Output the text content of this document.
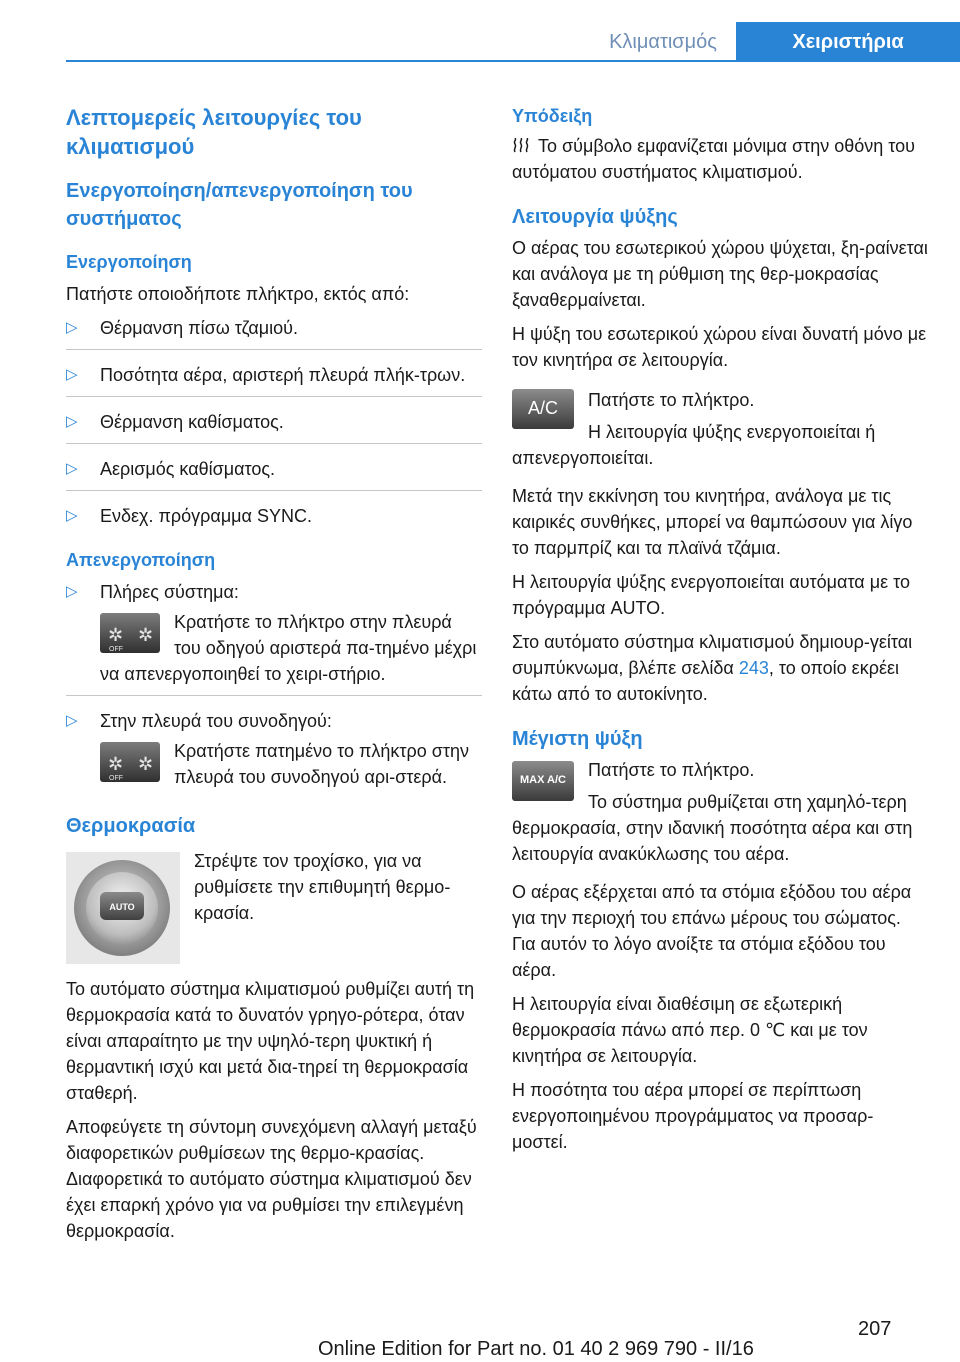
Κλιματισμός	Χειριστήρια
Λεπτομερείς λειτουργίες του κλιματισμού
Ενεργοποίηση/απενεργοποίηση του συστήματος
Ενεργοποίηση

Πατήστε οποιοδήποτε πλήκτρο, εκτός από:

▷ Θέρμανση πίσω τζαμιού.
▷ Ποσότητα αέρα, αριστερή πλευρά πλήκ-τρων.
▷ Θέρμανση καθίσματος.
▷ Αερισμός καθίσματος.
▷ Ενδεχ. πρόγραμμα SYNC.
Απενεργοποίηση
▷ Πλήρες σύστημα:
✲
OFF
✲
Κρατήστε το πλήκτρο στην πλευρά του οδηγού αριστερά πα-τημένο μέχρι να απενεργοποιηθεί το χειρι-στήριο.
▷ Στην πλευρά του συνοδηγού:
✲
OFF
✲
Κρατήστε πατημένο το πλήκτρο στην πλευρά του συνοδηγού αρι-στερά.
Θερμοκρασία
AUTO

Στρέψτε τον τροχίσκο, για να ρυθμίσετε την επιθυμητή θερμο-κρασία.

Το αυτόματο σύστημα κλιματισμού ρυθμίζει αυτή τη θερμοκρασία κατά το δυνατόν γρηγο-ρότερα, όταν είναι απαραίτητο με την υψηλό-τερη ψυκτική ή θερμαντική ισχύ και μετά δια-τηρεί τη θερμοκρασία σταθερή.

Αποφεύγετε τη σύντομη συνεχόμενη αλλαγή μεταξύ διαφορετικών ρυθμίσεων της θερμο-κρασίας. Διαφορετικά το αυτόματο σύστημα κλιματισμού δεν έχει επαρκή χρόνο για να ρυθμίσει την επιλεγμένη θερμοκρασία.

Υπόδειξη

Το σύμβολο εμφανίζεται μόνιμα στην οθόνη του αυτόματου συστήματος κλιματισμού.

Λειτουργία ψύξης

Ο αέρας του εσωτερικού χώρου ψύχεται, ξη-ραίνεται και ανάλογα με τη ρύθμιση της θερ-μοκρασίας ξαναθερμαίνεται.

Η ψύξη του εσωτερικού χώρου είναι δυνατή μόνο με τον κινητήρα σε λειτουργία.

A/C	Πατήστε το πλήκτρο.

Η λειτουργία ψύξης ενεργοποιείται ή απενεργοποιείται.

Μετά την εκκίνηση του κινητήρα, ανάλογα με τις καιρικές συνθήκες, μπορεί να θαμπώσουν για λίγο το παρμπρίζ και τα πλαϊνά τζάμια.

Η λειτουργία ψύξης ενεργοποιείται αυτόματα με το πρόγραμμα AUTO.

Στο αυτόματο σύστημα κλιματισμού δημιουρ-γείται συμπύκνωμα, βλέπε σελίδα 243, το οποίο εκρέει κάτω από το αυτοκίνητο.

Μέγιστη ψύξη
MAX A/C	Πατήστε το πλήκτρο.

Το σύστημα ρυθμίζεται στη χαμηλό-τερη θερμοκρασία, στην ιδανική ποσότητα αέρα και στη λειτουργία ανακύκλωσης του αέρα.

Ο αέρας εξέρχεται από τα στόμια εξόδου του αέρα για την περιοχή του επάνω μέρους του σώματος. Για αυτόν το λόγο ανοίξτε τα στόμια εξόδου του αέρα.

Η λειτουργία είναι διαθέσιμη σε εξωτερική θερμοκρασία πάνω από περ. 0 ℃ και με τον κινητήρα σε λειτουργία.

Η ποσότητα του αέρα μπορεί σε περίπτωση ενεργοποιημένου προγράμματος να προσαρ-μοστεί.

207
Online Edition for Part no. 01 40 2 969 790 - II/16
